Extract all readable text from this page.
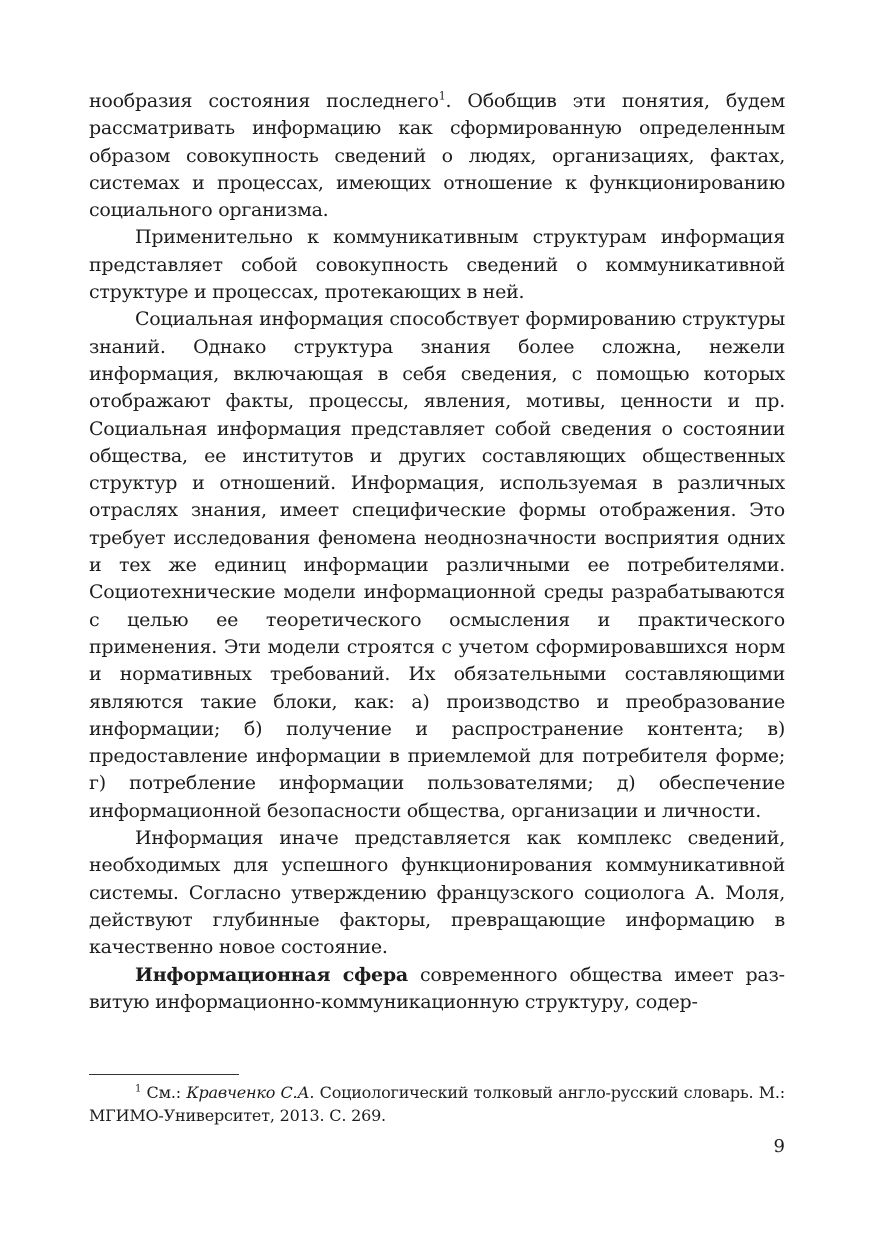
нообразия состояния последнего$^1$. Обобщив эти понятия, будем рассматривать информацию как сформированную определенным образом совокупность сведений о людях, организациях, фактах, системах и процессах, имеющих отношение к функционированию социального организма.

Применительно к коммуникативным структурам информация представляет собой совокупность сведений о коммуникативной структуре и процессах, протекающих в ней.

Социальная информация способствует формированию структуры знаний. Однако структура знания более сложна, нежели информация, включающая в себя сведения, с помощью которых отображают факты, процессы, явления, мотивы, ценности и пр. Социальная информация представляет собой сведения о состоянии общества, ее институтов и других составляющих общественных структур и отношений. Информация, используемая в различных отраслях знания, имеет специфические формы отображения. Это требует исследования феномена неоднозначности восприятия одних и тех же единиц информации различными ее потребителями. Социотехнические модели информационной среды разрабатываются с целью ее теоретического осмысления и практического применения. Эти модели строятся с учетом сформировавшихся норм и нормативных требований. Их обязательными составляющими являются такие блоки, как: а) производство и преобразование информации; б) получение и распространение контента; в) предоставление информации в приемлемой для потребителя форме; г) потребление информации пользователями; д) обеспечение информационной безопасности общества, организации и личности.

Информация иначе представляется как комплекс сведений, необходимых для успешного функционирования коммуникативной системы. Согласно утверждению французского социолога А. Моля, действуют глубинные факторы, превращающие информацию в качественно новое состояние.

Информационная сфера современного общества имеет развитую информационно-коммуникационную структуру, содер-

$^1$ См.: Кравченко С.А. Социологический толковый англо-русский словарь. М.: МГИМО-Университет, 2013. С. 269.
9
